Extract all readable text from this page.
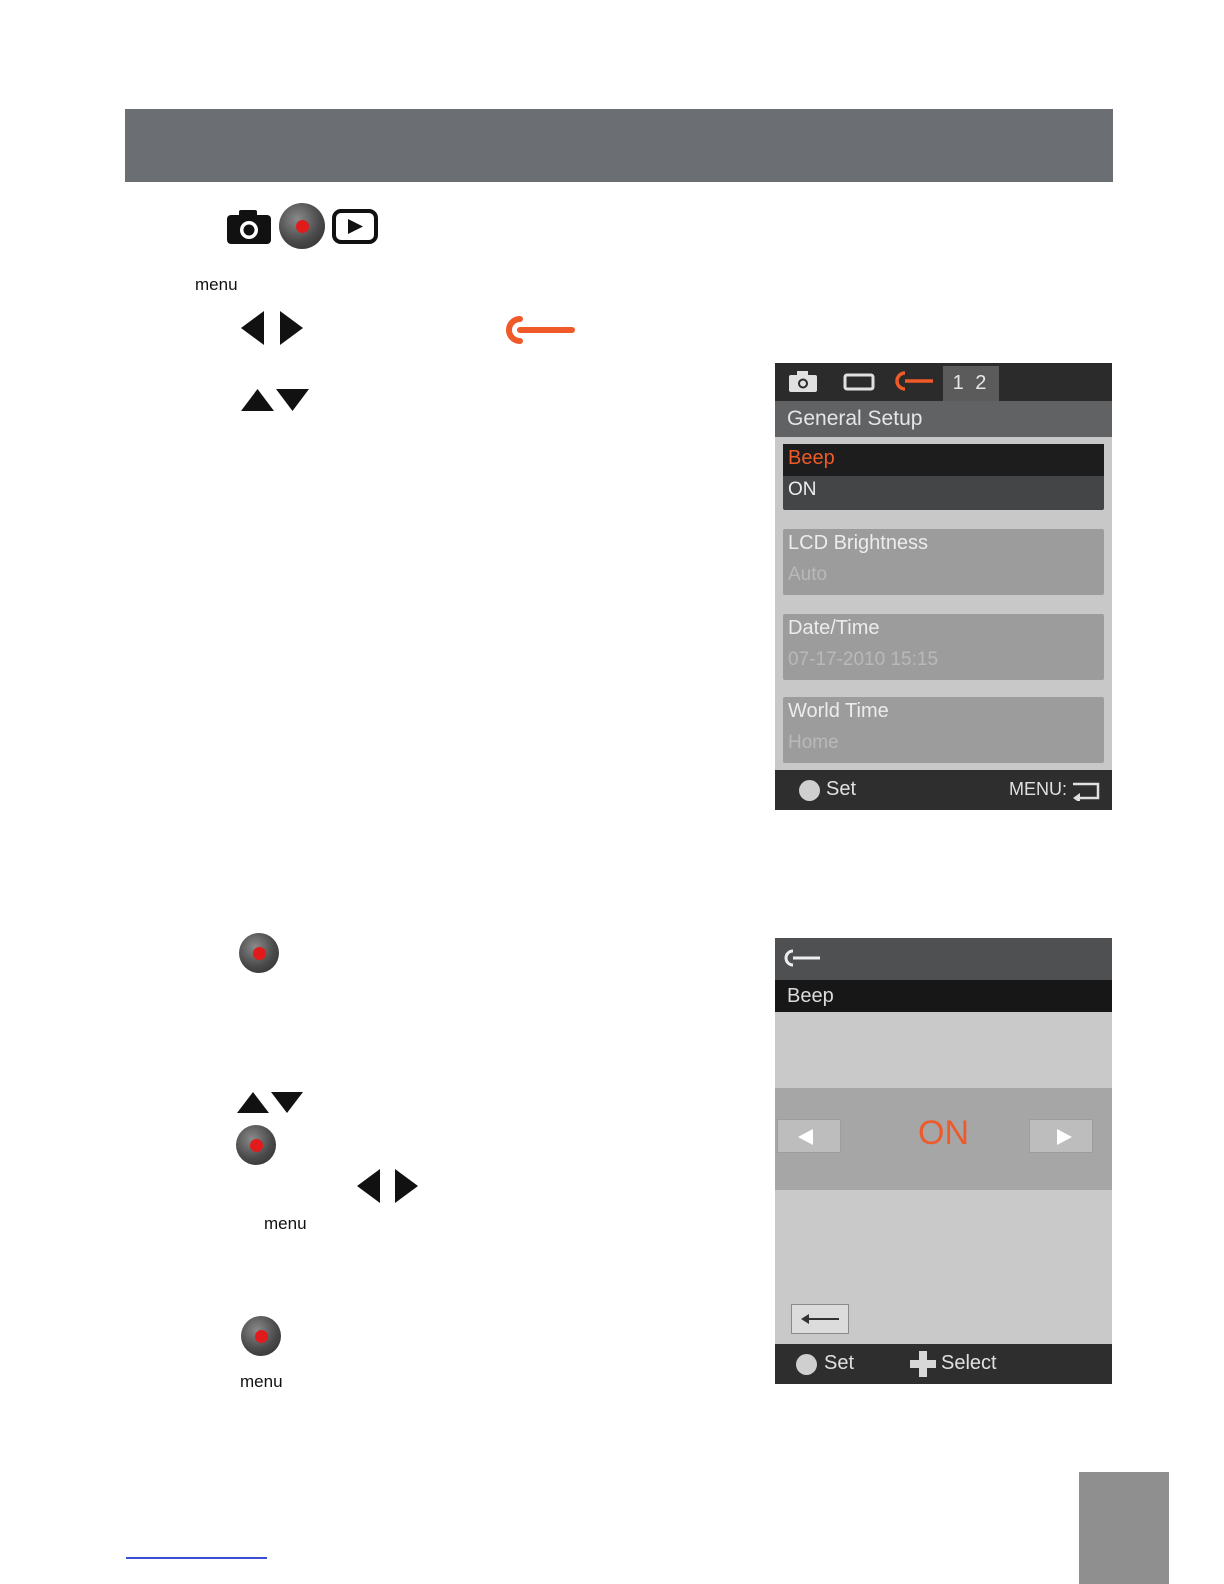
menu
1 2
General Setup
Beep
ON
LCD Brightness
Auto
Date/Time
07-17-2010 15:15
World Time
Home
Set	MENU:
menu
menu
Beep
ON
Set	Select
